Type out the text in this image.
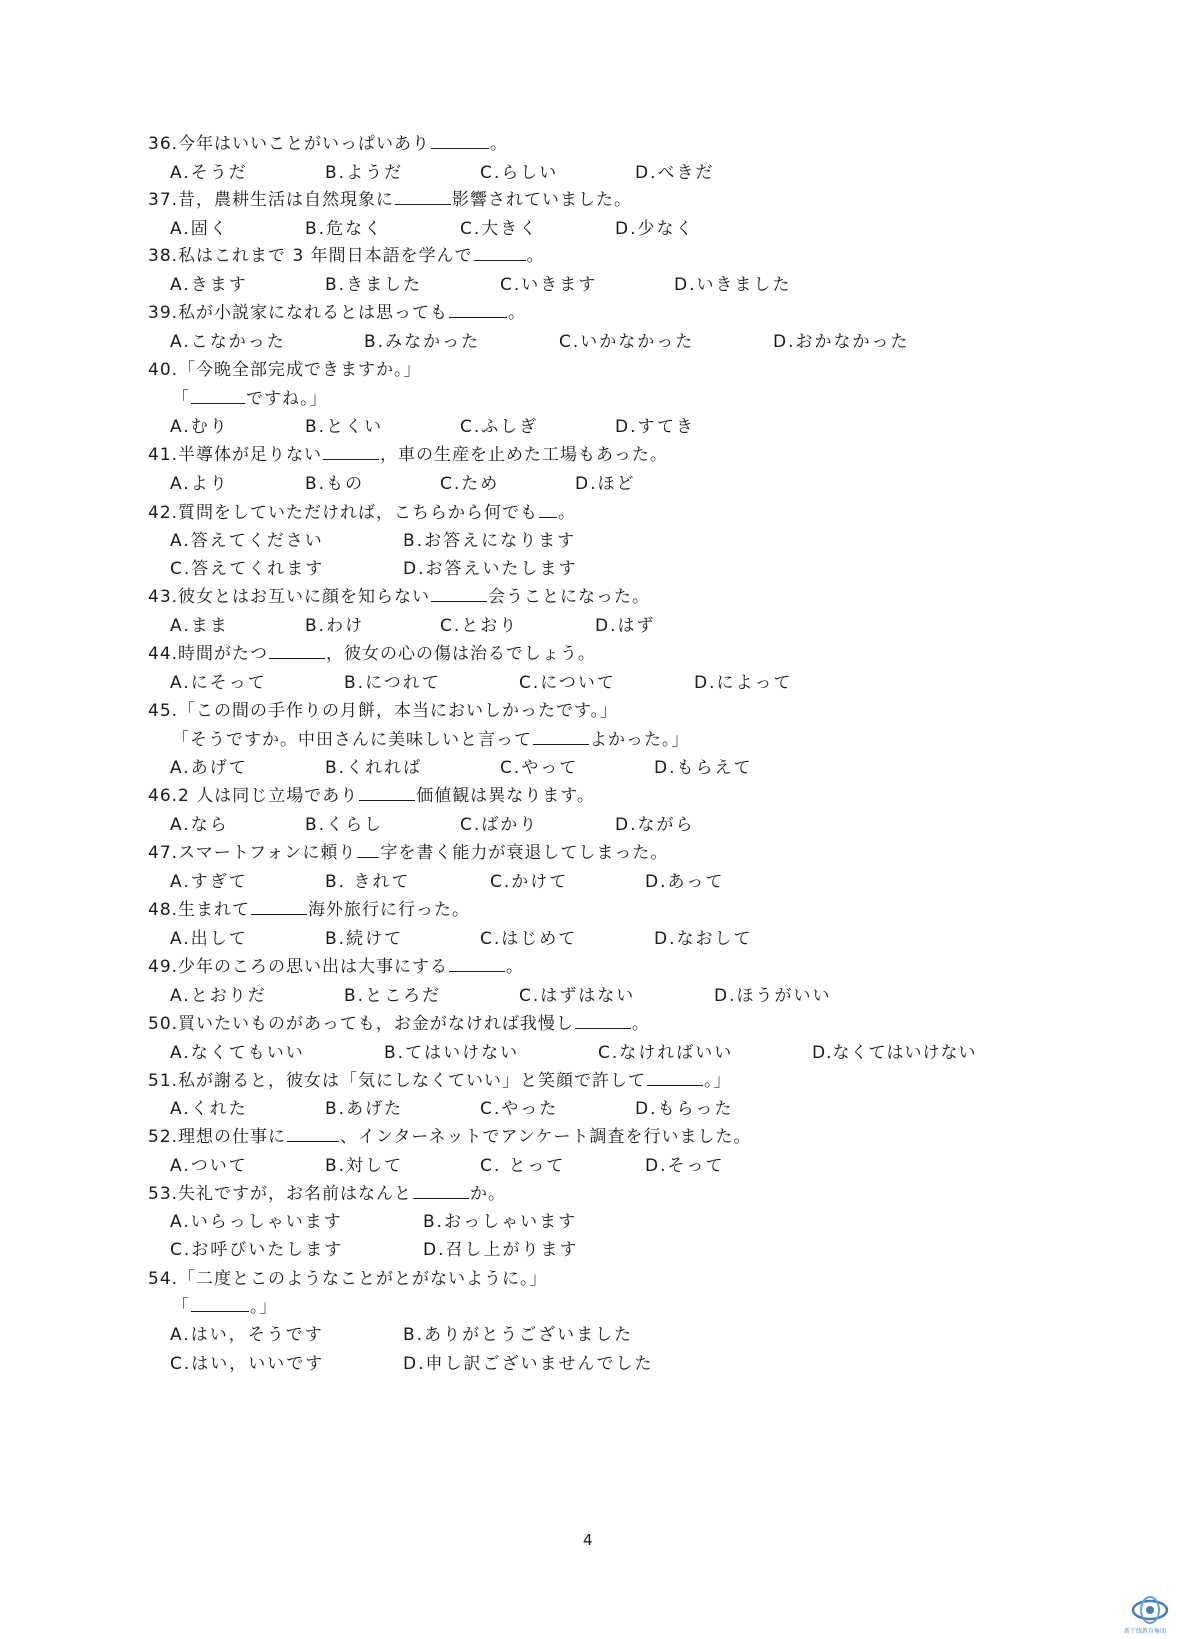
36.今年はいいことがいっぱいあり	。
A.そうだ	B.ようだ	C.らしい	D.べきだ
37.昔，農耕生活は自然現象に	影響されていました。
A.固く	B.危なく	C.大きく	D.少なく
38.私はこれまで 3 年間日本語を学んで	。
A.きます	B.きました	C.いきます	D.いきました
39.私が小説家になれるとは思っても	。
A.こなかった	B.みなかった	C.いかなかった	D.おかなかった
40.「今晩全部完成できますか。」
「	ですね。」
A.むり	B.とくい	C.ふしぎ	D.すてき
41.半導体が足りない	，車の生産を止めた工場もあった。
A.より	B.もの	C.ため	D.ほど
42.質問をしていただければ，こちらから何でも 。
A.答えてください	B.お答えになります
C.答えてくれます	D.お答えいたします
43.彼女とはお互いに顔を知らない	会うことになった。
A.まま	B.わけ	C.とおり	D.はず
44.時間がたつ	，彼女の心の傷は治るでしょう。
A.にそって	B.につれて	C.について	D.によって
45.「この間の手作りの月餅，本当においしかったです。」
「そうですか。中田さんに美味しいと言って	よかった。」
A.あげて	B.くれれば	C.やって	D.もらえて
46.2 人は同じ立場であり	価値観は異なります。
A.なら	B.くらし	C.ばかり	D.ながら
47.スマートフォンに頼り 字を書く能力が衰退してしまった。
A.すぎて	B. きれて	C.かけて	D.あって
48.生まれて	海外旅行に行った。
A.出して	B.続けて	C.はじめて	D.なおして
49.少年のころの思い出は大事にする	。
A.とおりだ	B.ところだ	C.はずはない	D.ほうがいい
50.買いたいものがあっても，お金がなければ我慢し	。
A.なくてもいい	B.てはいけない	C.なければいい	D.なくてはいけない
51.私が謝ると，彼女は「気にしなくていい」と笑顔で許して	。」
A.くれた	B.あげた	C.やった	D.もらった
52.理想の仕事に	、インターネットでアンケート調査を行いました。
A.ついて	B.対して	C. とって	D.そって
53.失礼ですが，お名前はなんと	か。
A.いらっしゃいます	B.おっしゃいます
C.お呼びいたします	D.召し上がります
54.「二度とこのようなことがとがないように。」
「	。」
A.はい，そうです	B.ありがとうございました
C.はい，いいです	D.申し訳ございませんでした
4
新干线教育集团
